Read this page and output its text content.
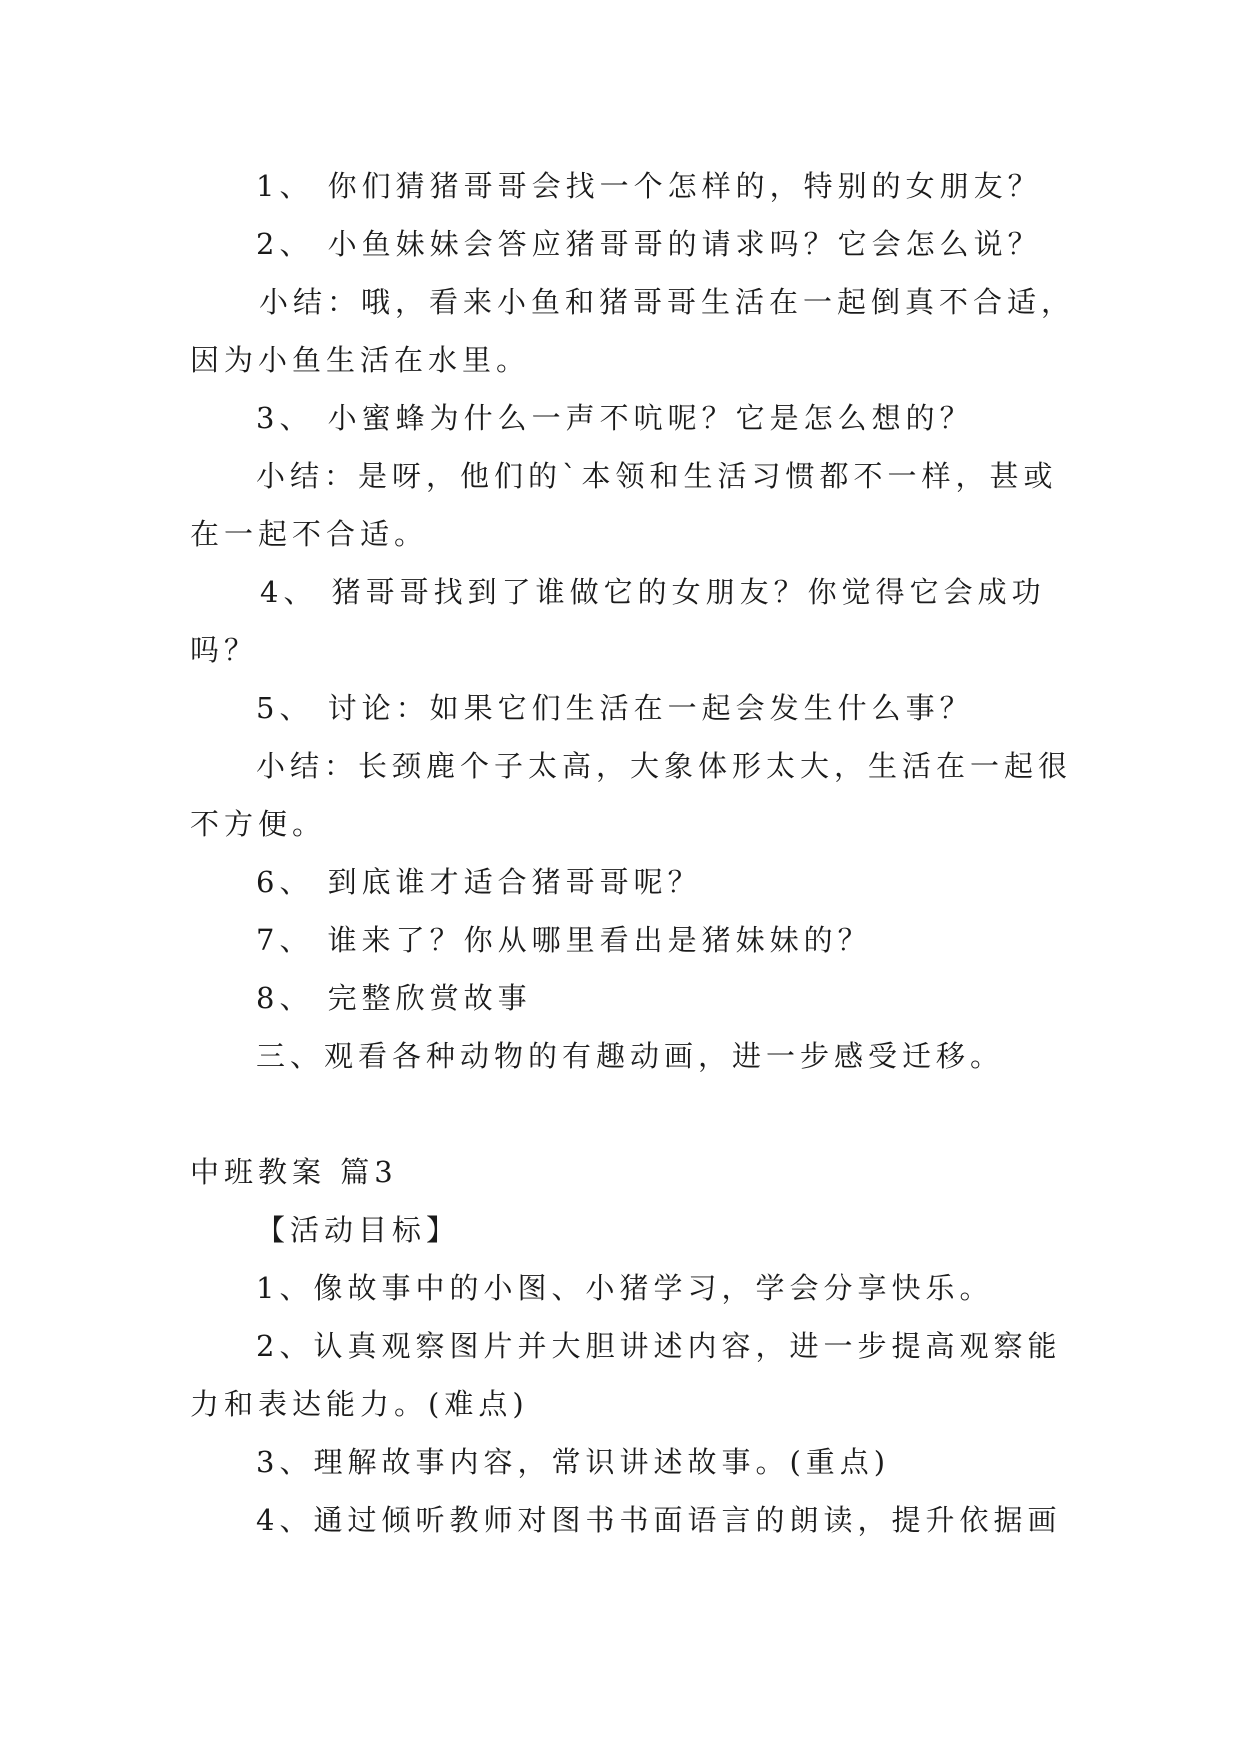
1、 你们猜猪哥哥会找一个怎样的，特别的女朋友？
2、 小鱼妹妹会答应猪哥哥的请求吗？它会怎么说？
小结：哦，看来小鱼和猪哥哥生活在一起倒真不合适，
因为小鱼生活在水里。
3、 小蜜蜂为什么一声不吭呢？它是怎么想的？
小结：是呀，他们的`本领和生活习惯都不一样，甚或
在一起不合适。
4、 猪哥哥找到了谁做它的女朋友？你觉得它会成功
吗？
5、 讨论：如果它们生活在一起会发生什么事？
小结：长颈鹿个子太高，大象体形太大，生活在一起很
不方便。
6、 到底谁才适合猪哥哥呢？
7、 谁来了？你从哪里看出是猪妹妹的？
8、 完整欣赏故事
三、观看各种动物的有趣动画，进一步感受迁移。
中班教案 篇3
【活动目标】
1、像故事中的小图、小猪学习，学会分享快乐。
2、认真观察图片并大胆讲述内容，进一步提高观察能
力和表达能力。(难点)
3、理解故事内容，常识讲述故事。(重点)
4、通过倾听教师对图书书面语言的朗读，提升依据画
